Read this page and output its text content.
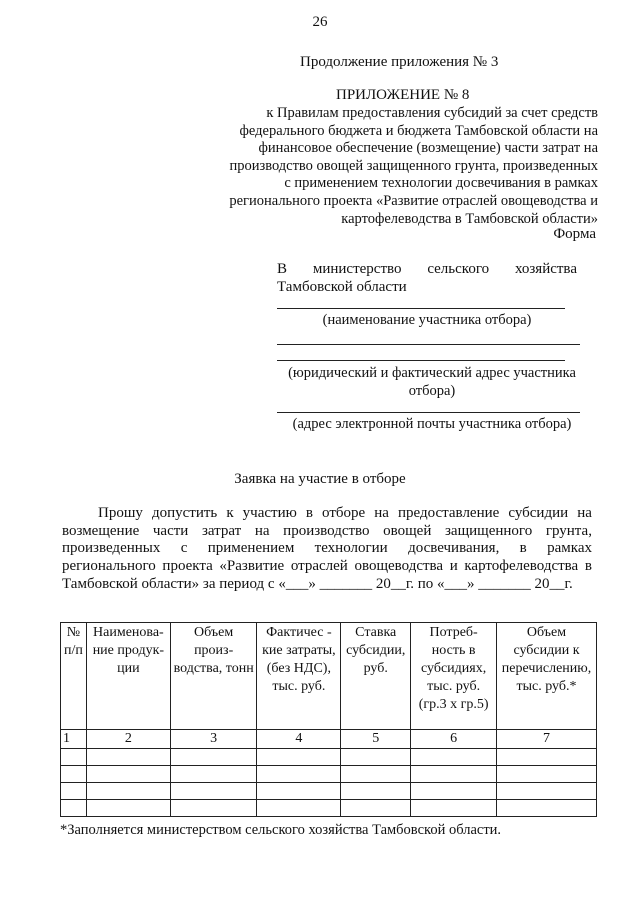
26
Продолжение приложения № 3
ПРИЛОЖЕНИЕ № 8
к Правилам предоставления субсидий за счет средств
федерального бюджета и бюджета Тамбовской области на
финансовое обеспечение (возмещение) части затрат на
производство овощей защищенного грунта, произведенных
с применением технологии досвечивания в рамках
регионального проекта «Развитие отраслей овощеводства и
картофелеводства в Тамбовской области»
Форма
В министерство сельского хозяйства
Тамбовской области
(наименование участника отбора)
(юридический и фактический адрес участника
отбора)
(адрес электронной почты участника отбора)
Заявка на участие в отборе
Прошу допустить к участию в отборе на предоставление субсидии на
возмещение части затрат на производство овощей защищенного грунта,
произведенных с применением технологии досвечивания, в рамках
регионального проекта «Развитие отраслей овощеводства и картофелеводства в
Тамбовской области» за период с «___» _______ 20__г. по «___» _______ 20__г.
№ п/п	Наименова-ние продук-ции	Объем произ-водства, тонн	Фактичес - кие затраты, (без НДС), тыс. руб.	Ставка субсидии, руб.	Потреб-ность в субсидиях, тыс. руб. (гр.3 х гр.5)	Объем субсидии к перечислению, тыс. руб.*
1	2	3	4	5	6	7

*Заполняется министерством сельского хозяйства Тамбовской области.
